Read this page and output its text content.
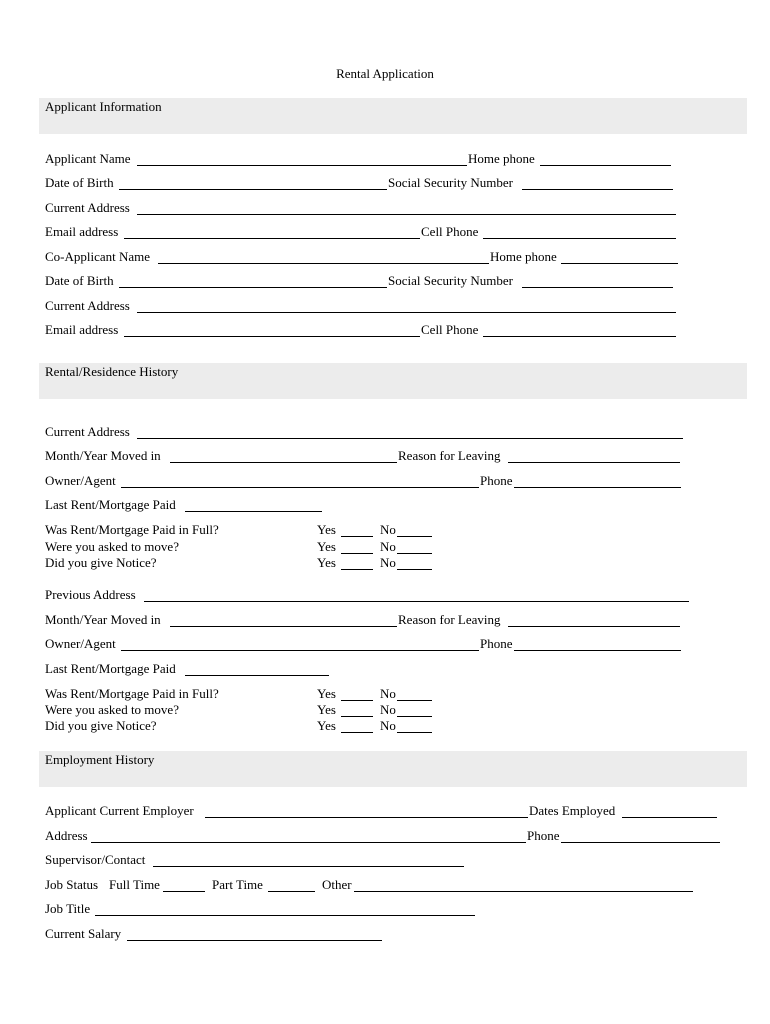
Rental Application
Applicant Information
Applicant Name	Home phone
Date of Birth	Social Security Number
Current Address
Email address	Cell Phone
Co-Applicant Name	Home phone
Date of Birth	Social Security Number
Current Address
Email address	Cell Phone
Rental/Residence History
Current Address
Month/Year Moved in	Reason for Leaving
Owner/Agent	Phone
Last Rent/Mortgage Paid
Was Rent/Mortgage Paid in Full?	Yes	No
Were you asked to move?	Yes	No
Did you give Notice?	Yes	No
Previous Address
Month/Year Moved in	Reason for Leaving
Owner/Agent	Phone
Last Rent/Mortgage Paid
Was Rent/Mortgage Paid in Full?	Yes	No
Were you asked to move?	Yes	No
Did you give Notice?	Yes	No
Employment History
Applicant Current Employer	Dates Employed
Address	Phone
Supervisor/Contact
Job Status Full Time	Part Time	Other
Job Title
Current Salary
